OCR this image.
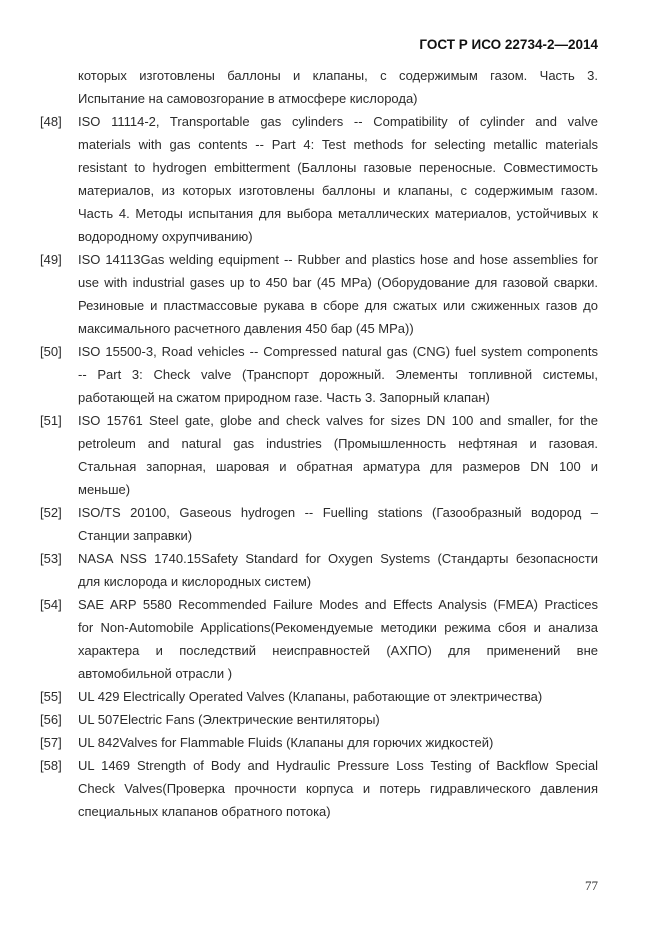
ГОСТ Р ИСО 22734-2—2014
которых изготовлены баллоны и клапаны, с содержимым газом. Часть 3.
Испытание на самовозгорание в атмосфере кислорода)
[48]	ISO 11114-2, Transportable gas cylinders -- Compatibility of cylinder and valve
materials with gas contents -- Part 4: Test methods for selecting metallic materials
resistant to hydrogen embitterment (Баллоны газовые переносные. Совместимость
материалов, из которых изготовлены баллоны и клапаны, с содержимым газом.
Часть 4. Методы испытания для выбора металлических материалов, устойчивых к
водородному охрупчиванию)
[49]	ISO 14113Gas welding equipment -- Rubber and plastics hose and hose assemblies for
use with industrial gases up to 450 bar (45 MPa) (Оборудование для газовой сварки.
Резиновые и пластмассовые рукава в сборе для сжатых или сжиженных газов до
максимального расчетного давления 450 бар (45 MPa))
[50]	ISO 15500-3, Road vehicles -- Compressed natural gas (CNG) fuel system components
-- Part 3: Check valve (Транспорт дорожный. Элементы топливной системы,
работающей на сжатом природном газе. Часть 3. Запорный клапан)
[51]	ISO 15761 Steel gate, globe and check valves for sizes DN 100 and smaller, for the
petroleum and natural gas industries (Промышленность нефтяная и газовая.
Стальная запорная, шаровая и обратная арматура для размеров DN 100 и
меньше)
[52]	ISO/TS 20100, Gaseous hydrogen -- Fuelling stations (Газообразный водород –
Станции заправки)
[53]	NASA NSS 1740.15Safety Standard for Oxygen Systems (Стандарты безопасности
для кислорода и кислородных систем)
[54]	SAE ARP 5580 Recommended Failure Modes and Effects Analysis (FMEA) Practices
for Non-Automobile Applications(Рекомендуемые методики режима сбоя и анализа
характера и последствий неисправностей (АХПО) для применений вне
автомобильной отрасли )
[55]	UL 429 Electrically Operated Valves (Клапаны, работающие от электричества)
[56]	UL 507Electric Fans (Электрические вентиляторы)
[57]	UL 842Valves for Flammable Fluids (Клапаны для горючих жидкостей)
[58]	UL 1469 Strength of Body and Hydraulic Pressure Loss Testing of Backflow Special
Check Valves(Проверка прочности корпуса и потерь гидравлического давления
специальных клапанов обратного потока)
77
